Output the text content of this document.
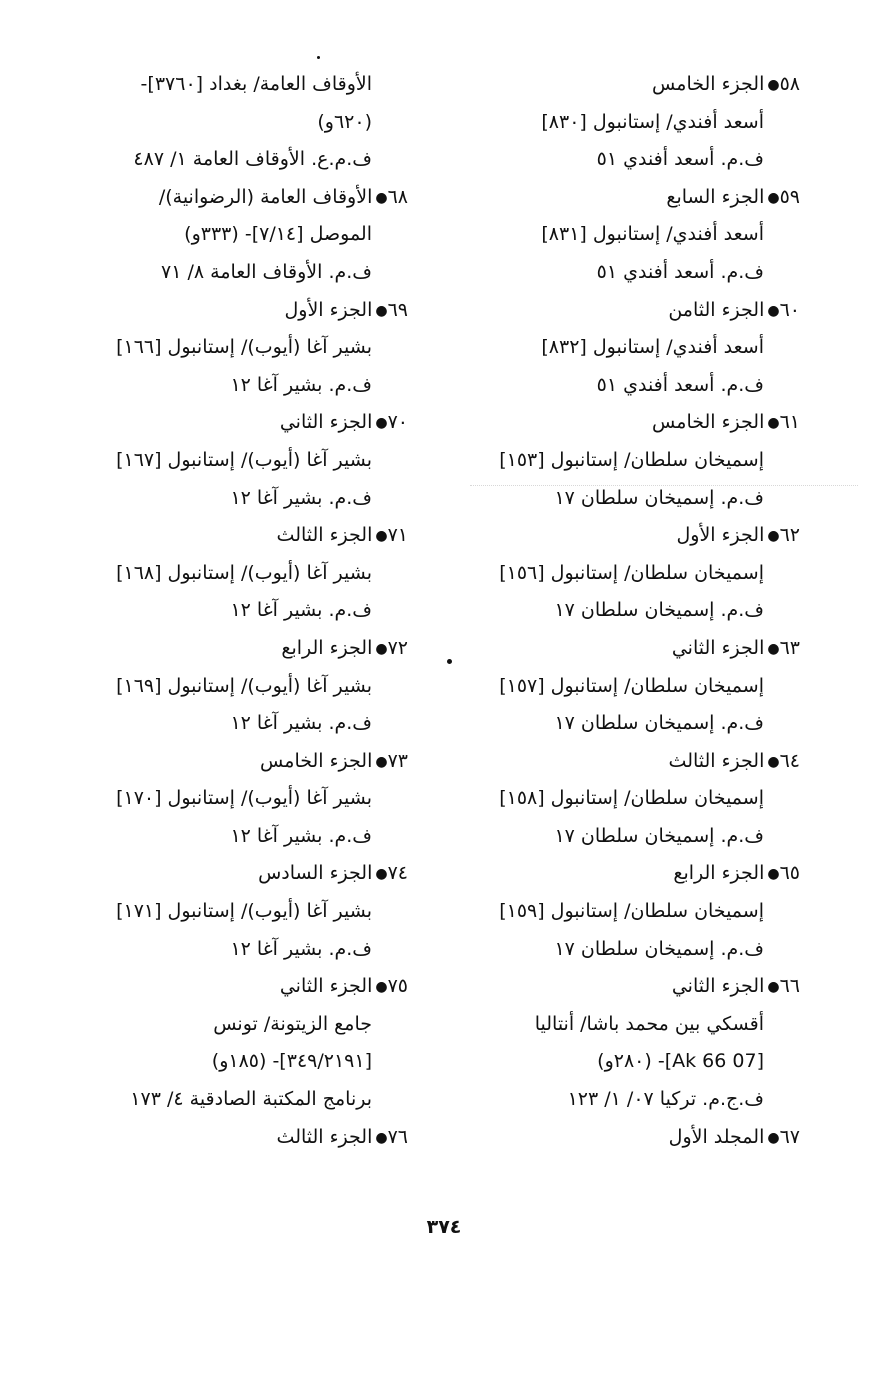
٥٨●الجزء الخامس
أسعد أفندي/ إستانبول [٨٣٠]
ف.م. أسعد أفندي ٥١
٥٩●الجزء السابع
أسعد أفندي/ إستانبول [٨٣١]
ف.م. أسعد أفندي ٥١
٦٠●الجزء الثامن
أسعد أفندي/ إستانبول [٨٣٢]
ف.م. أسعد أفندي ٥١
٦١●الجزء الخامس
إسميخان سلطان/ إستانبول [١٥٣]
ف.م. إسميخان سلطان ١٧
٦٢●الجزء الأول
إسميخان سلطان/ إستانبول [١٥٦]
ف.م. إسميخان سلطان ١٧
٦٣●الجزء الثاني
إسميخان سلطان/ إستانبول [١٥٧]
ف.م. إسميخان سلطان ١٧
٦٤●الجزء الثالث
إسميخان سلطان/ إستانبول [١٥٨]
ف.م. إسميخان سلطان ١٧
٦٥●الجزء الرابع
إسميخان سلطان/ إستانبول [١٥٩]
ف.م. إسميخان سلطان ١٧
٦٦●الجزء الثاني
أقسكي بين محمد باشا/ أنتاليا
[07 Ak 66]- (٢٨٠و)
ف.ج.م. تركيا ٠٧/ ١/ ١٢٣
٦٧●المجلد الأول
الأوقاف العامة/ بغداد [٣٧٦٠]-
(٦٢٠و)
ف.م.ع. الأوقاف العامة ١/ ٤٨٧
٦٨●الأوقاف العامة (الرضوانية)/
الموصل [٧/١٤]- (٣٣٣و)
ف.م. الأوقاف العامة ٨/ ٧١
٦٩●الجزء الأول
بشير آغا (أيوب)/ إستانبول [١٦٦]
ف.م. بشير آغا ١٢
٧٠●الجزء الثاني
بشير آغا (أيوب)/ إستانبول [١٦٧]
ف.م. بشير آغا ١٢
٧١●الجزء الثالث
بشير آغا (أيوب)/ إستانبول [١٦٨]
ف.م. بشير آغا ١٢
٧٢●الجزء الرابع
بشير آغا (أيوب)/ إستانبول [١٦٩]
ف.م. بشير آغا ١٢
٧٣●الجزء الخامس
بشير آغا (أيوب)/ إستانبول [١٧٠]
ف.م. بشير آغا ١٢
٧٤●الجزء السادس
بشير آغا (أيوب)/ إستانبول [١٧١]
ف.م. بشير آغا ١٢
٧٥●الجزء الثاني
جامع الزيتونة/ تونس
[٣٤٩/٢١٩١]- (١٨٥و)
برنامج المكتبة الصادقية ٤/ ١٧٣
٧٦●الجزء الثالث
٣٧٤
